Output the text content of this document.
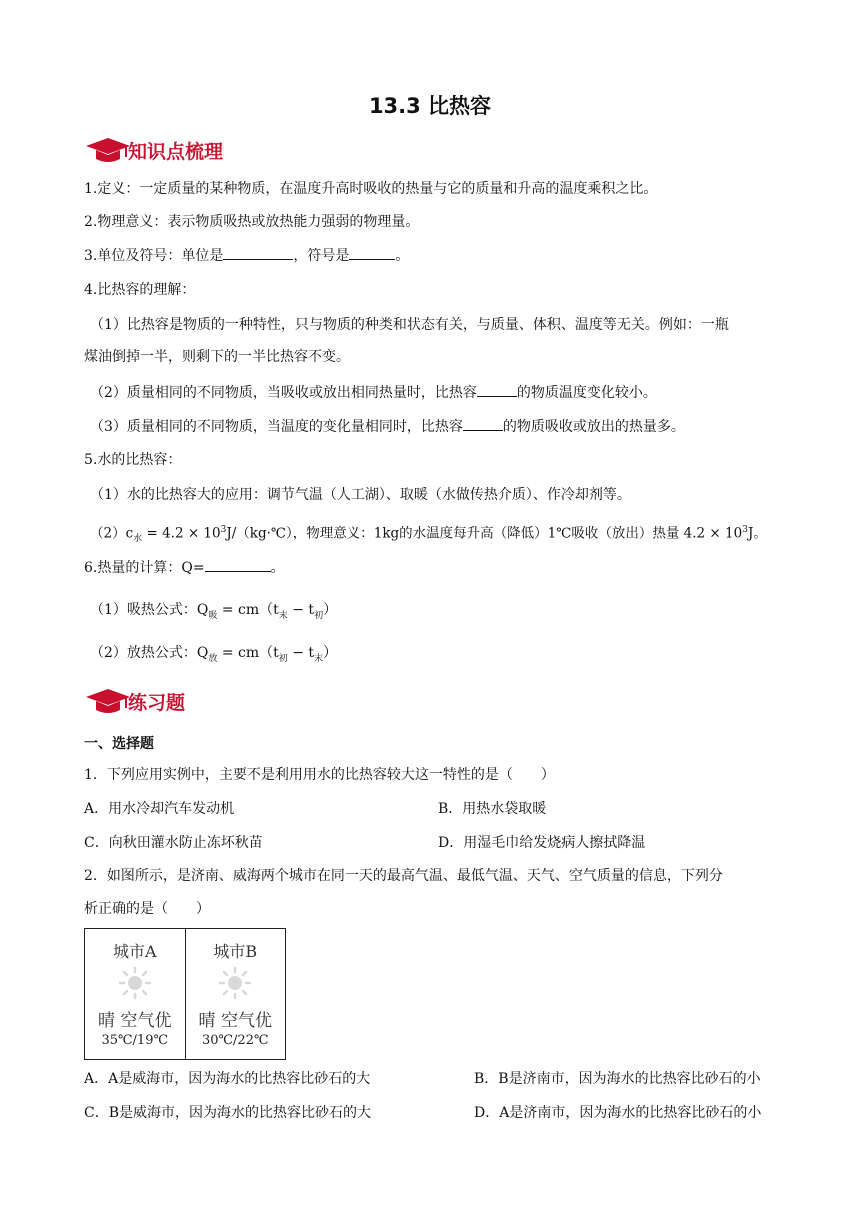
13.3 比热容
知识点梳理
1.定义：一定质量的某种物质，在温度升高时吸收的热量与它的质量和升高的温度乘积之比。
2.物理意义：表示物质吸热或放热能力强弱的物理量。
3.单位及符号：单位是	，符号是	。
4.比热容的理解：
（1）比热容是物质的一种特性，只与物质的种类和状态有关，与质量、体积、温度等无关。例如：一瓶
煤油倒掉一半，则剩下的一半比热容不变。
（2）质量相同的不同物质，当吸收或放出相同热量时，比热容	的物质温度变化较小。
（3）质量相同的不同物质，当温度的变化量相同时，比热容	的物质吸收或放出的热量多。
5.水的比热容：
（1）水的比热容大的应用：调节气温（人工湖）、取暖（水做传热介质）、作冷却剂等。
$(2)c_水 = 4.2$ × $10^3J/(kg\cdot℃)$，物理意义：1kg的水温度每升高（降低）1℃吸收（放出）热量 $4.2 \times 10^3J$。
6.热量的计算：Q=	。
（1）吸热公式：$Q_吸 = cm(t_末 - t_初)$
（2）放热公式：$Q_放 = cm(t_初 - t_末)$
练习题
一、选择题
1．下列应用实例中，主要不是利用用水的比热容较大这一特性的是（　　）
A．用水冷却汽车发动机	B．用热水袋取暖
C．向秋田灌水防止冻坏秋苗	D．用湿毛巾给发烧病人擦拭降温
2．如图所示，是济南、威海两个城市在同一天的最高气温、最低气温、天气、空气质量的信息，下列分
析正确的是（　　）
城市A
晴 空气优
35℃/19℃
城市B
晴 空气优
30℃/22℃
A．A是威海市，因为海水的比热容比砂石的大	B．B是济南市，因为海水的比热容比砂石的小
C．B是威海市，因为海水的比热容比砂石的大	D．A是济南市，因为海水的比热容比砂石的小
